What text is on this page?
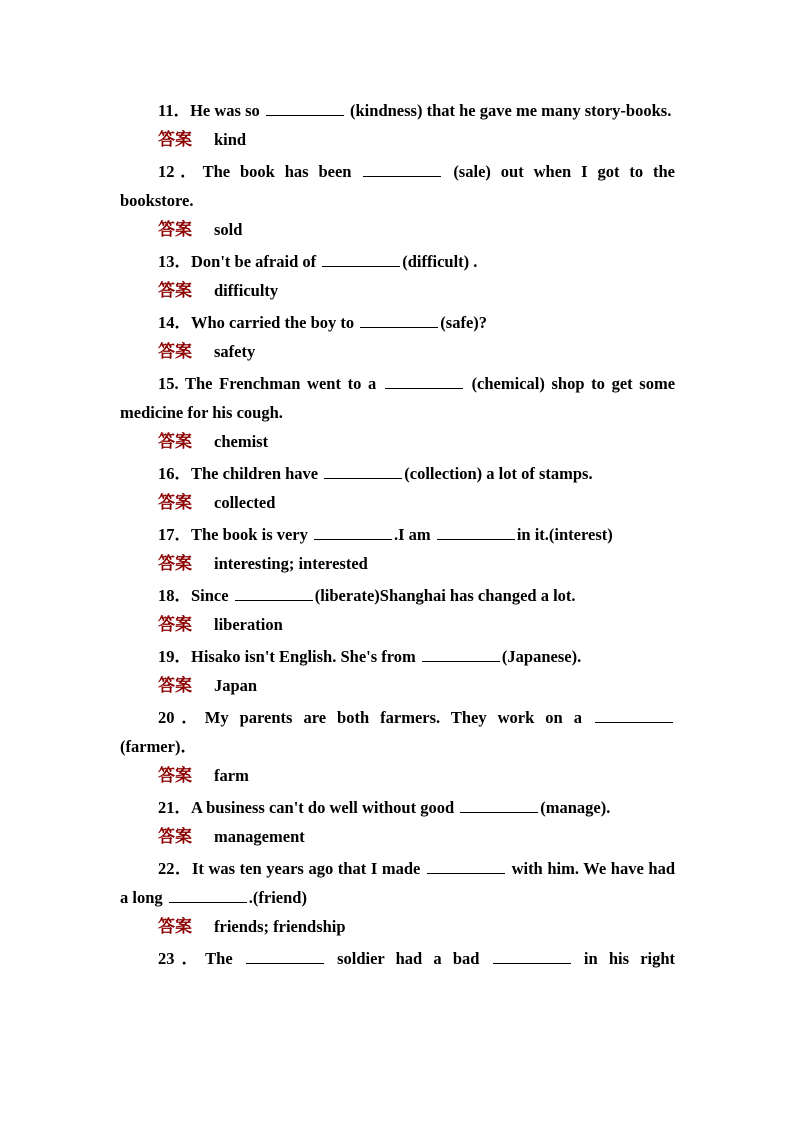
11．He was so	(kindness) that he gave me many story-books.

答案 kind

12．The book has been	(sale) out when I got to the bookstore.

答案 sold

13．Don't be afraid of	(difficult) .

答案 difficulty

14．Who carried the boy to	(safe)?

答案 safety

15. The Frenchman went to a	(chemical) shop to get some medicine for his cough.

答案 chemist

16．The children have	(collection) a lot of stamps.

答案 collected

17．The book is very	.I am	in it.(interest)

答案 interesting; interested

18．Since	(liberate)Shanghai has changed a lot.

答案 liberation

19．Hisako isn't English. She's from	(Japanese).

答案 Japan

20．My parents are both farmers. They work on a  (farmer)．

答案 farm

21．A business can't do well without good	(manage).

答案 management

22．It was ten years ago that I made	with him. We have had a long	.(friend)

答案 friends; friendship

23．The	soldier had a bad	in his right
